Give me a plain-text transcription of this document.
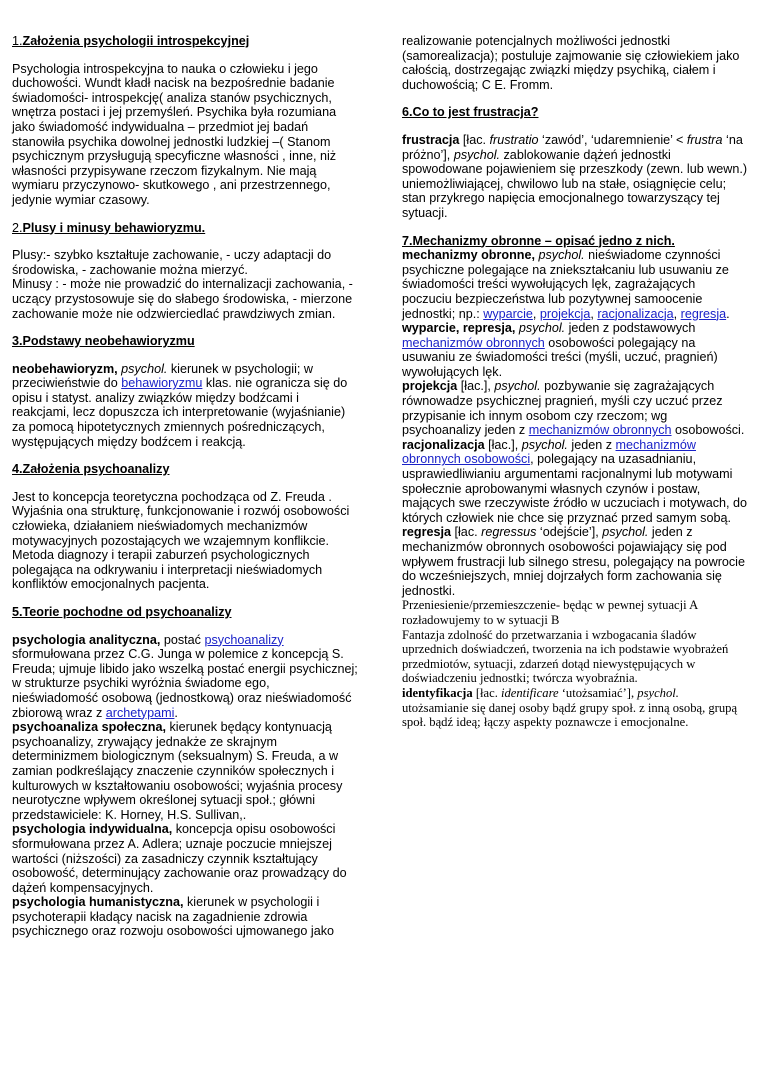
1.Założenia psychologii introspekcyjnej

Psychologia introspekcyjna to nauka o człowieku i jego duchowości. Wundt kładł nacisk na bezpośrednie badanie świadomości- introspekcję( analiza stanów psychicznych, wnętrza postaci i jej przemyśleń. Psychika była rozumiana jako świadomość indywidualna – przedmiot jej badań stanowiła psychika dowolnej jednostki ludzkiej –( Stanom psychicznym przysługują specyficzne własności , inne, niż własności przypisywane rzeczom fizykalnym. Nie mają wymiaru przyczynowo- skutkowego , ani przestrzennego, jedynie wymiar czasowy.

2.Plusy i minusy behawioryzmu.

Plusy:- szybko kształtuje zachowanie, - uczy adaptacji do środowiska, - zachowanie można mierzyć.
Minusy : - może nie prowadzić do internalizacji zachowania, - uczący przystosowuje się do słabego środowiska, - mierzone zachowanie może nie odzwierciedlać prawdziwych zmian.

3.Podstawy neobehawioryzmu

neobehawioryzm, psychol. kierunek w psychologii; w przeciwieństwie do behawioryzmu klas. nie ogranicza się do opisu i statyst. analizy związków między bodźcami i reakcjami, lecz dopuszcza ich interpretowanie (wyjaśnianie) za pomocą hipotetycznych zmiennych pośredniczących, występujących między bodźcem i reakcją.

4.Założenia psychoanalizy

Jest to koncepcja teoretyczna pochodząca od Z. Freuda . Wyjaśnia ona strukturę, funkcjonowanie i rozwój osobowości człowieka, działaniem nieświadomych mechanizmów motywacyjnych pozostających we wzajemnym konflikcie. Metoda diagnozy i terapii zaburzeń psychologicznych polegająca na odkrywaniu i interpretacji nieświadomych konfliktów emocjonalnych pacjenta.

5.Teorie pochodne od psychoanalizy

psychologia analityczna, postać psychoanalizy sformułowana przez C.G. Junga w polemice z koncepcją S. Freuda; ujmuje libido jako wszelką postać energii psychicznej; w strukturze psychiki wyróżnia świadome ego, nieświadomość osobową (jednostkową) oraz nieświadomość zbiorową wraz z archetypami.

psychoanaliza społeczna, kierunek będący kontynuacją psychoanalizy, zrywający jednakże ze skrajnym determinizmem biologicznym (seksualnym) S. Freuda, a w zamian podkreślający znaczenie czynników społecznych i kulturowych w kształtowaniu osobowości; wyjaśnia procesy neurotyczne wpływem określonej sytuacji społ.; główni przedstawiciele: K. Horney, H.S. Sullivan,.

psychologia indywidualna, koncepcja opisu osobowości sformułowana przez A. Adlera; uznaje poczucie mniejszej wartości (niższości) za zasadniczy czynnik kształtujący osobowość, determinujący zachowanie oraz prowadzący do dążeń kompensacyjnych.

psychologia humanistyczna, kierunek w psychologii i psychoterapii kładący nacisk na zagadnienie zdrowia psychicznego oraz rozwoju osobowości ujmowanego jako

realizowanie potencjalnych możliwości jednostki (samorealizacja); postuluje zajmowanie się człowiekiem jako całością, dostrzegając związki między psychiką, ciałem i duchowością; C E. Fromm.

6.Co to jest frustracja?

frustracja [łac. frustratio ‘zawód’, ‘udaremnienie’ < frustra ‘na próżno’], psychol. zablokowanie dążeń jednostki spowodowane pojawieniem się przeszkody (zewn. lub wewn.) uniemożliwiającej, chwilowo lub na stałe, osiągnięcie celu; stan przykrego napięcia emocjonalnego towarzyszący tej sytuacji.

7.Mechanizmy obronne – opisać jedno z nich.

mechanizmy obronne, psychol. nieświadome czynności psychiczne polegające na zniekształcaniu lub usuwaniu ze świadomości treści wywołujących lęk, zagrażających poczuciu bezpieczeństwa lub pozytywnej samoocenie jednostki; np.: wyparcie, projekcja, racjonalizacja, regresja.

wyparcie, represja, psychol. jeden z podstawowych mechanizmów obronnych osobowości polegający na usuwaniu ze świadomości treści (myśli, uczuć, pragnień) wywołujących lęk.

projekcja [łac.], psychol. pozbywanie się zagrażających równowadze psychicznej pragnień, myśli czy uczuć przez przypisanie ich innym osobom czy rzeczom; wg psychoanalizy jeden z mechanizmów obronnych osobowości.

racjonalizacja [łac.], psychol. jeden z mechanizmów obronnych osobowości, polegający na uzasadnianiu, usprawiedliwianiu argumentami racjonalnymi lub motywami społecznie aprobowanymi własnych czynów i postaw, mających swe rzeczywiste źródło w uczuciach i motywach, do których człowiek nie chce się przyznać przed samym sobą.

regresja [łac. regressus ‘odejście’], psychol. jeden z mechanizmów obronnych osobowości pojawiający się pod wpływem frustracji lub silnego stresu, polegający na powrocie do wcześniejszych, mniej dojrzałych form zachowania się jednostki.

Przeniesienie/przemieszczenie- będąc w pewnej sytuacji A rozładowujemy to w sytuacji B

Fantazja zdolność do przetwarzania i wzbogacania śladów uprzednich doświadczeń, tworzenia na ich podstawie wyobrażeń przedmiotów, sytuacji, zdarzeń dotąd niewystępujących w doświadczeniu jednostki; twórcza wyobraźnia.

identyfikacja [łac. identificare ‘utożsamiać’], psychol. utożsamianie się danej osoby bądź grupy społ. z inną osobą, grupą społ. bądź ideą; łączy aspekty poznawcze i emocjonalne.
